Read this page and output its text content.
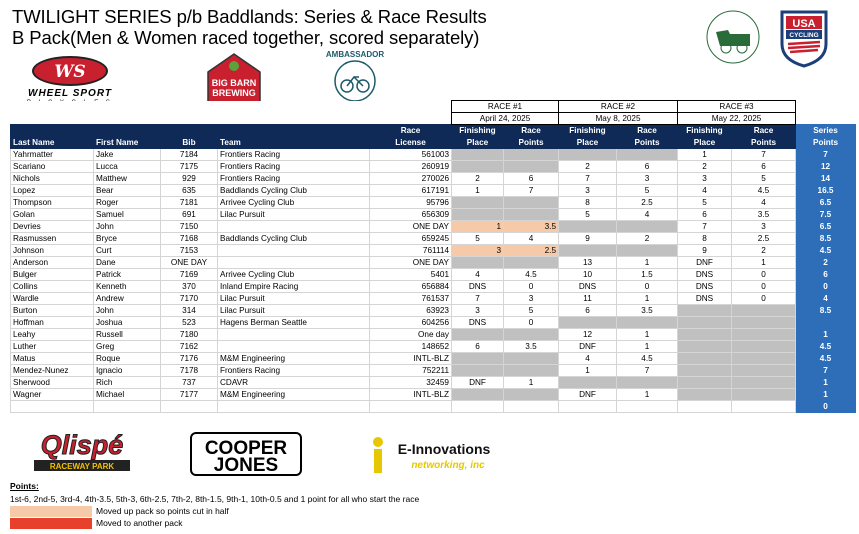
TWILIGHT SERIES p/b Baddlands: Series & Race Results
B Pack(Men & Women raced together, scored separately)
WS
WHEEL SPORT
BIG BARN
BREWING
AMBASSADOR
USA
CYCLING
					RACE #1		RACE #2		RACE #3		
					April 24, 2025		May 8, 2025		May 22, 2025		
Last Name	First Name	Bib	Team	Race	Finishing	Race	Finishing	Race	Finishing	Race	Series
				License	Place	Points	Place	Points	Place	Points	Points
Yahrmatter	Jake	7184	Frontiers Racing	561003					1	7	7
Scariano	Lucca	7175	Frontiers Racing	260919			2	6	2	6	12
Nichols	Matthew	929	Frontiers Racing	270026	2	6	7	3	3	5	14
Lopez	Bear	635	Baddlands Cycling Club	617191	1	7	3	5	4	4.5	16.5
Thompson	Roger	7181	Arrivee Cycling Club	95796			8	2.5	5	4	6.5
Golan	Samuel	691	Lilac Pursuit	656309			5	4	6	3.5	7.5
Devries	John	7150		ONE DAY	1	3.5			7	3	6.5
Rasmussen	Bryce	7168	Baddlands Cycling Club	659245	5	4	9	2	8	2.5	8.5
Johnson	Curt	7153		761114	3	2.5			9	2	4.5
Anderson	Dane	ONE DAY		ONE DAY			13	1	DNF	1	2
Bulger	Patrick	7169	Arrivee Cycling Club	5401	4	4.5	10	1.5	DNS	0	6
Collins	Kenneth	370	Inland Empire Racing	656884	DNS	0	DNS	0	DNS	0	0
Wardle	Andrew	7170	Lilac Pursuit	761537	7	3	11	1	DNS	0	4
Burton	John	314	Lilac Pursuit	63923	3	5	6	3.5			8.5
Hoffman	Joshua	523	Hagens Berman Seattle	604256	DNS	0					
Leahy	Russell	7180		One day			12	1			1
Luther	Greg	7162		148652	6	3.5	DNF	1			4.5
Matus	Roque	7176	M&M Engineering	INTL-BLZ			4	4.5			4.5
Mendez-Nunez	Ignacio	7178	Frontiers Racing	752211			1	7			7
Sherwood	Rich	737	CDAVR	32459	DNF	1					1
Wagner	Michael	7177	M&M Engineering	INTL-BLZ			DNF	1			1
											0
Qlispé
RACEWAY PARK
COOPER
JONES
E-Innovations
networking, inc
Points:
1st-6, 2nd-5, 3rd-4, 4th-3.5, 5th-3, 6th-2.5, 7th-2, 8th-1.5, 9th-1, 10th-0.5 and 1 point for all who start the race
Moved up pack so points cut in half
Moved to another pack
